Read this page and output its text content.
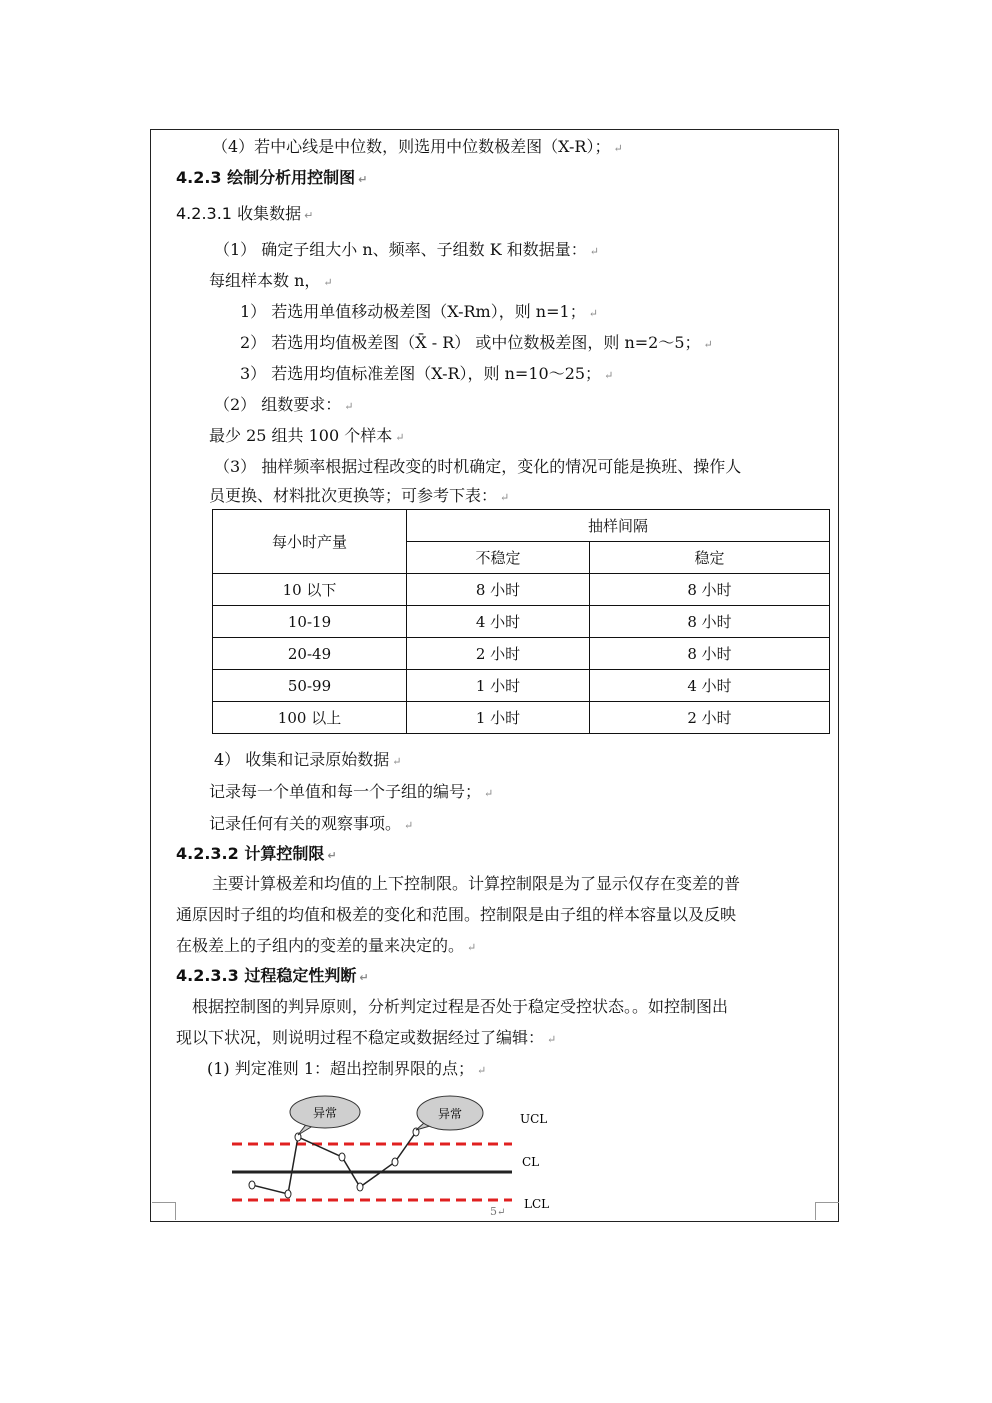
（4）若中心线是中位数，则选用中位数极差图（X-R）； ↵
4.2.3 绘制分析用控制图 ↵
4.2.3.1 收集数据 ↵
（1） 确定子组大小 n、频率、子组数 K 和数据量： ↵
每组样本数 n， ↵
1） 若选用单值移动极差图（X-Rm），则 n=1； ↵
2） 若选用均值极差图（X̄ - R） 或中位数极差图，则 n=2～5； ↵
3） 若选用均值标准差图（X-R），则 n=10～25； ↵
（2） 组数要求： ↵
最少 25 组共 100 个样本 ↵
（3） 抽样频率根据过程改变的时机确定，变化的情况可能是换班、操作人
员更换、材料批次更换等；可参考下表： ↵
每小时产量	抽样间隔	
	不稳定	稳定
10 以下	8 小时	8 小时
10-19	4 小时	8 小时
20-49	2 小时	8 小时
50-99	1 小时	4 小时
100 以上	1 小时	2 小时
4） 收集和记录原始数据 ↵
记录每一个单值和每一个子组的编号； ↵
记录任何有关的观察事项。 ↵
4.2.3.2 计算控制限 ↵
主要计算极差和均值的上下控制限。计算控制限是为了显示仅存在变差的普
通原因时子组的均值和极差的变化和范围。控制限是由子组的样本容量以及反映
在极差上的子组内的变差的量来决定的。 ↵
4.2.3.3 过程稳定性判断 ↵
根据控制图的判异原则，分析判定过程是否处于稳定受控状态。。如控制图出
现以下状况，则说明过程不稳定或数据经过了编辑： ↵
(1) 判定准则 1：超出控制界限的点； ↵
异常	异常	UCL
CL
LCL
5↵
